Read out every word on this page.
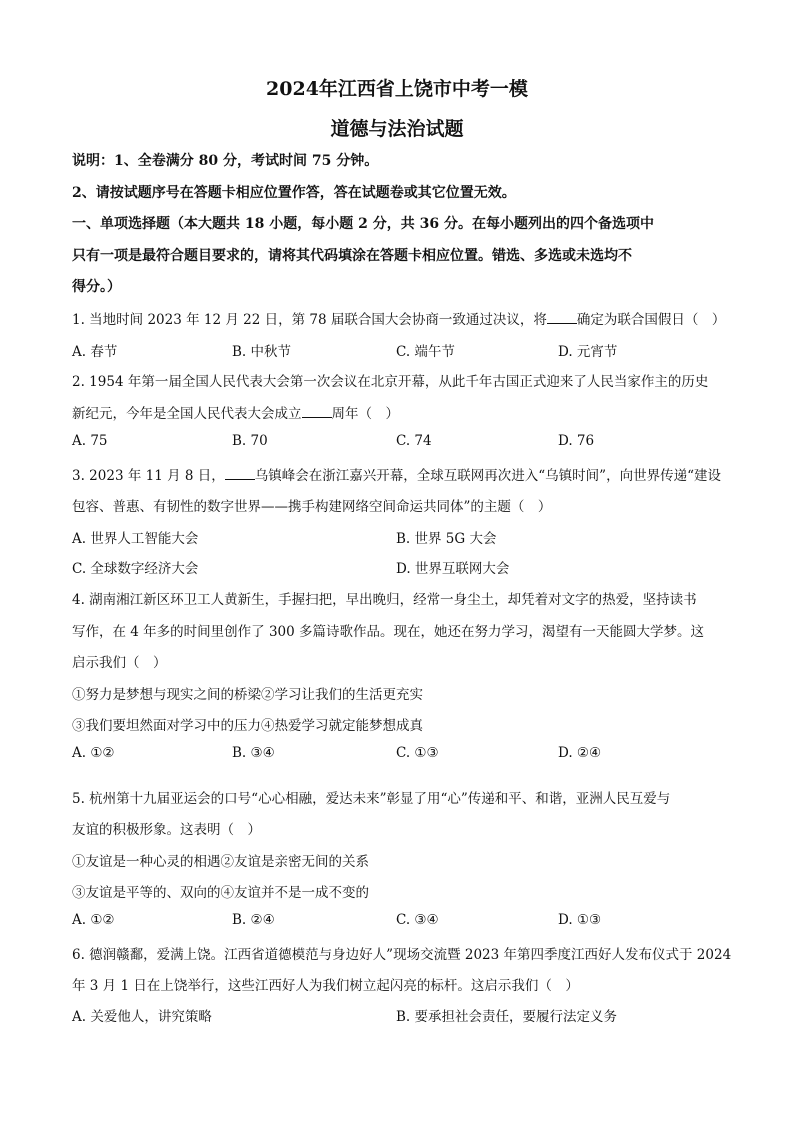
2024年江西省上饶市中考一模
道德与法治试题
说明：1、全卷满分 80 分，考试时间 75 分钟。
2、请按试题序号在答题卡相应位置作答，答在试题卷或其它位置无效。
一、单项选择题（本大题共 18 小题，每小题 2 分，共 36 分。在每小题列出的四个备选项中
只有一项是最符合题目要求的，请将其代码填涂在答题卡相应位置。错选、多选或未选均不
得分。）
1. 当地时间 2023 年 12 月 22 日，第 78 届联合国大会协商一致通过决议，将 确定为联合国假日（　）
A. 春节	B. 中秋节	C. 端午节	D. 元宵节
2. 1954 年第一届全国人民代表大会第一次会议在北京开幕，从此千年古国正式迎来了人民当家作主的历史
新纪元，今年是全国人民代表大会成立 周年（　）
A. 75	B. 70	C. 74	D. 76
3. 2023 年 11 月 8 日， 乌镇峰会在浙江嘉兴开幕，全球互联网再次进入“乌镇时间”，向世界传递“建设
包容、普惠、有韧性的数字世界——携手构建网络空间命运共同体”的主题（　）
A. 世界人工智能大会	B. 世界 5G 大会
C. 全球数字经济大会	D. 世界互联网大会
4. 湖南湘江新区环卫工人黄新生，手握扫把，早出晚归，经常一身尘土，却凭着对文字的热爱，坚持读书
写作，在 4 年多的时间里创作了 300 多篇诗歌作品。现在，她还在努力学习，渴望有一天能圆大学梦。这
启示我们（　）
①努力是梦想与现实之间的桥梁②学习让我们的生活更充实
③我们要坦然面对学习中的压力④热爱学习就定能梦想成真
A. ①②	B. ③④	C. ①③	D. ②④
5. 杭州第十九届亚运会的口号“心心相融，爱达未来”彰显了用“心”传递和平、和谐，亚洲人民互爱与
友谊的积极形象。这表明（　）
①友谊是一种心灵的相遇②友谊是亲密无间的关系
③友谊是平等的、双向的④友谊并不是一成不变的
A. ①②	B. ②④	C. ③④	D. ①③
6. 德润赣鄱，爱满上饶。江西省道德模范与身边好人”现场交流暨 2023 年第四季度江西好人发布仪式于 2024
年 3 月 1 日在上饶举行，这些江西好人为我们树立起闪亮的标杆。这启示我们（　）
A. 关爱他人，讲究策略	B. 要承担社会责任，要履行法定义务
